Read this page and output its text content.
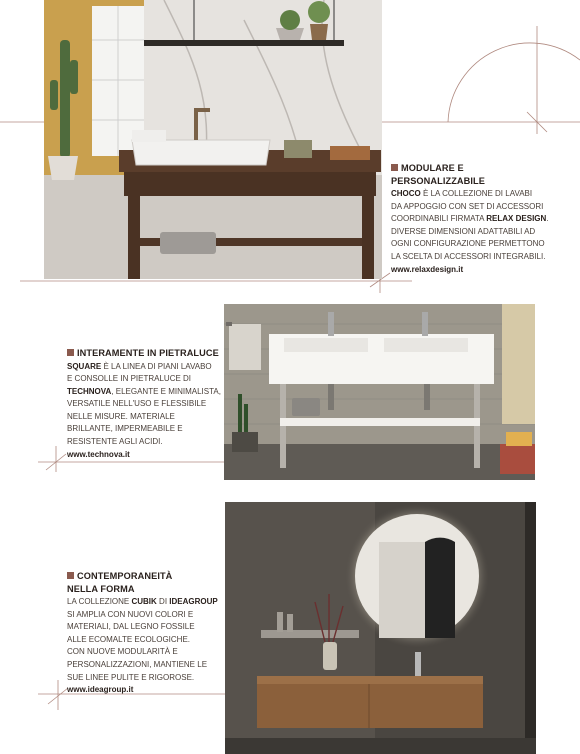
MODULARE E
PERSONALIZZABILE
CHOCO È LA COLLEZIONE DI LAVABI
DA APPOGGIO CON SET DI ACCESSORI
COORDINABILI FIRMATA RELAX DESIGN.
DIVERSE DIMENSIONI ADATTABILI AD
OGNI CONFIGURAZIONE PERMETTONO
LA SCELTA DI ACCESSORI INTEGRABILI.
www.relaxdesign.it
INTERAMENTE IN PIETRALUCE
SQUARE È LA LINEA DI PIANI LAVABO
E CONSOLLE IN PIETRALUCE DI
TECHNOVA, ELEGANTE E MINIMALISTA,
VERSATILE NELL'USO E FLESSIBILE
NELLE MISURE. MATERIALE
BRILLANTE, IMPERMEABILE E
RESISTENTE AGLI ACIDI.
www.technova.it
CONTEMPORANEITÀ
NELLA FORMA
LA COLLEZIONE CUBIK DI IDEAGROUP
SI AMPLIA CON NUOVI COLORI E
MATERIALI, DAL LEGNO FOSSILE
ALLE ECOMALTE ECOLOGICHE.
CON NUOVE MODULARITÀ E
PERSONALIZZAZIONI, MANTIENE LE
SUE LINEE PULITE E RIGOROSE.
www.ideagroup.it
